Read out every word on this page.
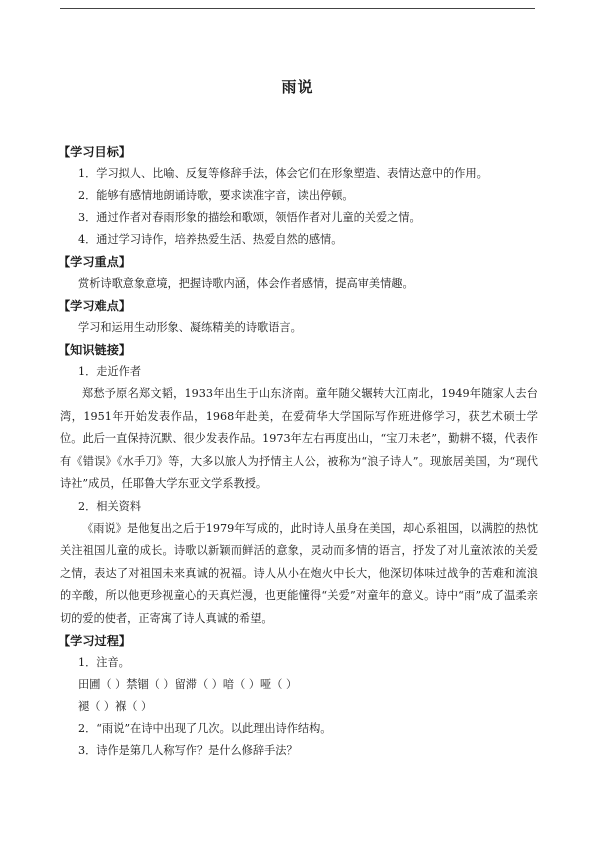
雨说
【学习目标】
1．学习拟人、比喻、反复等修辞手法，体会它们在形象塑造、表情达意中的作用。
2．能够有感情地朗诵诗歌，要求读准字音，读出停顿。
3．通过作者对春雨形象的描绘和歌颂，领悟作者对儿童的关爱之情。
4．通过学习诗作，培养热爱生活、热爱自然的感情。
【学习重点】
赏析诗歌意象意境，把握诗歌内涵，体会作者感情，提高审美情趣。
【学习难点】
学习和运用生动形象、凝练精美的诗歌语言。
【知识链接】
1．走近作者
郑愁予原名郑文韬，1933年出生于山东济南。童年随父辗转大江南北，1949年随家人去台湾，1951年开始发表作品，1968年赴美，在爱荷华大学国际写作班进修学习，获艺术硕士学位。此后一直保持沉默、很少发表作品。1973年左右再度出山，“宝刀未老”，勤耕不辍，代表作有《错误》《水手刀》等，大多以旅人为抒情主人公，被称为“浪子诗人”。现旅居美国，为“现代诗社”成员，任耶鲁大学东亚文学系教授。
2．相关资料
《雨说》是他复出之后于1979年写成的，此时诗人虽身在美国，却心系祖国，以满腔的热忱关注祖国儿童的成长。诗歌以新颖而鲜活的意象，灵动而多情的语言，抒发了对儿童浓浓的关爱之情，表达了对祖国未来真诚的祝福。诗人从小在炮火中长大，他深切体味过战争的苦难和流浪的辛酸，所以他更珍视童心的天真烂漫，也更能懂得“关爱”对童年的意义。诗中“雨”成了温柔亲切的爱的使者，正寄寓了诗人真诚的希望。
【学习过程】
1．注音。
田圃（ ）禁锢（ ）留滞（ ）喑（ ）哑（ ）
褪（ ）褓（ ）
2．“雨说”在诗中出现了几次。以此理出诗作结构。
3．诗作是第几人称写作？是什么修辞手法？
